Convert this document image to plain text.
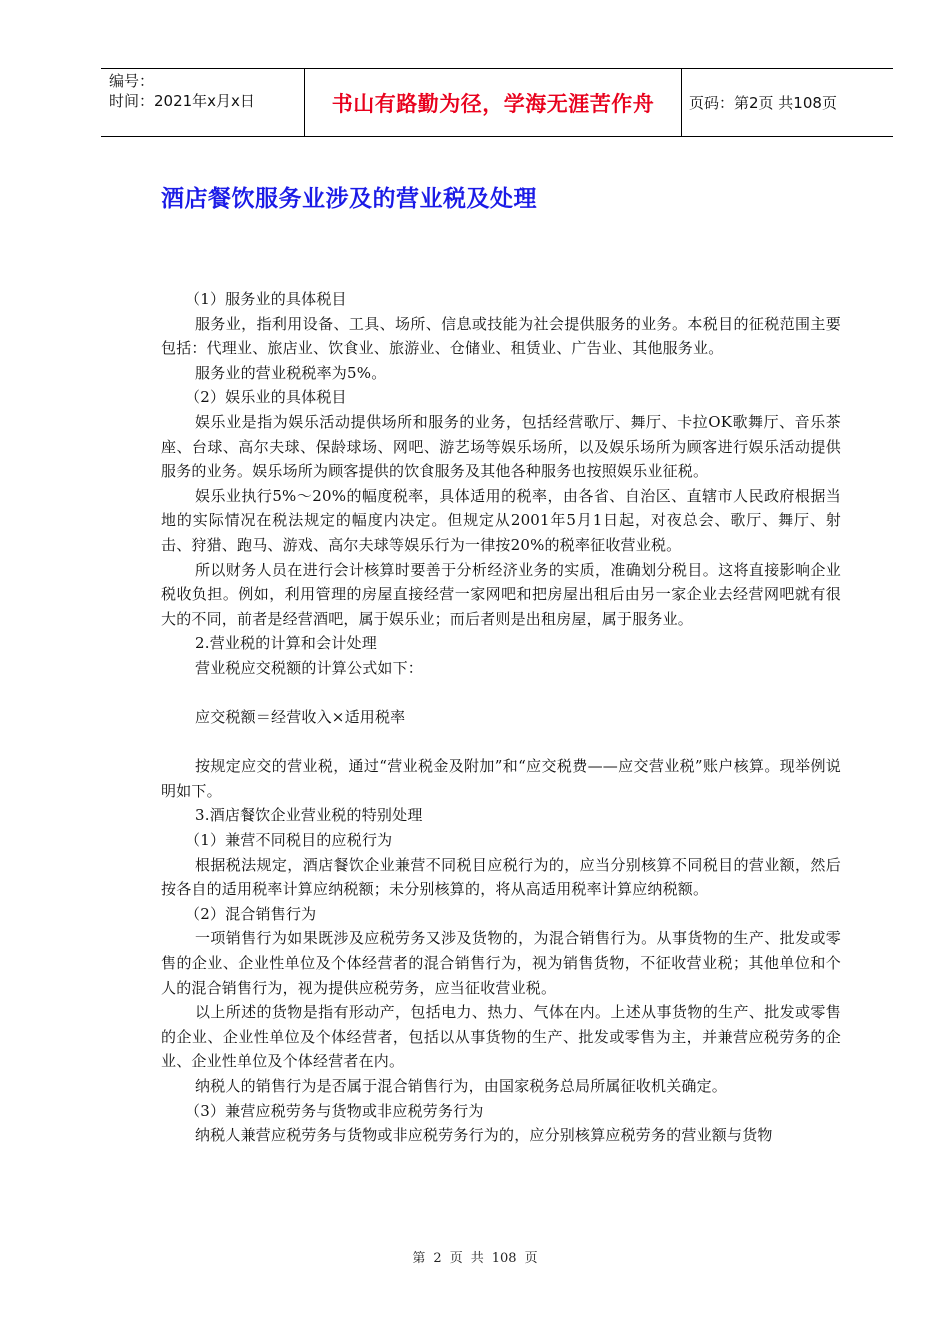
编号：
时间：2021年x月x日	书山有路勤为径，学海无涯苦作舟	页码：第2页 共108页
酒店餐饮服务业涉及的营业税及处理

（1）服务业的具体税目

服务业，指利用设备、工具、场所、信息或技能为社会提供服务的业务。本税目的征税范围主要包括：代理业、旅店业、饮食业、旅游业、仓储业、租赁业、广告业、其他服务业。

服务业的营业税税率为5%。

（2）娱乐业的具体税目

娱乐业是指为娱乐活动提供场所和服务的业务，包括经营歌厅、舞厅、卡拉OK歌舞厅、音乐茶座、台球、高尔夫球、保龄球场、网吧、游艺场等娱乐场所，以及娱乐场所为顾客进行娱乐活动提供服务的业务。娱乐场所为顾客提供的饮食服务及其他各种服务也按照娱乐业征税。

娱乐业执行5%～20%的幅度税率，具体适用的税率，由各省、自治区、直辖市人民政府根据当地的实际情况在税法规定的幅度内决定。但规定从2001年5月1日起，对夜总会、歌厅、舞厅、射击、狩猎、跑马、游戏、高尔夫球等娱乐行为一律按20%的税率征收营业税。

所以财务人员在进行会计核算时要善于分析经济业务的实质，准确划分税目。这将直接影响企业税收负担。例如，利用管理的房屋直接经营一家网吧和把房屋出租后由另一家企业去经营网吧就有很大的不同，前者是经营酒吧，属于娱乐业；而后者则是出租房屋，属于服务业。

2.营业税的计算和会计处理

营业税应交税额的计算公式如下：

应交税额＝经营收入×适用税率

按规定应交的营业税，通过“营业税金及附加”和“应交税费——应交营业税”账户核算。现举例说明如下。

3.酒店餐饮企业营业税的特别处理

（1）兼营不同税目的应税行为

根据税法规定，酒店餐饮企业兼营不同税目应税行为的，应当分别核算不同税目的营业额，然后按各自的适用税率计算应纳税额；未分别核算的，将从高适用税率计算应纳税额。

（2）混合销售行为

一项销售行为如果既涉及应税劳务又涉及货物的，为混合销售行为。从事货物的生产、批发或零售的企业、企业性单位及个体经营者的混合销售行为，视为销售货物，不征收营业税；其他单位和个人的混合销售行为，视为提供应税劳务，应当征收营业税。

以上所述的货物是指有形动产，包括电力、热力、气体在内。上述从事货物的生产、批发或零售的企业、企业性单位及个体经营者，包括以从事货物的生产、批发或零售为主，并兼营应税劳务的企业、企业性单位及个体经营者在内。

纳税人的销售行为是否属于混合销售行为，由国家税务总局所属征收机关确定。

（3）兼营应税劳务与货物或非应税劳务行为

纳税人兼营应税劳务与货物或非应税劳务行为的，应分别核算应税劳务的营业额与货物

第 2 页 共 108 页
